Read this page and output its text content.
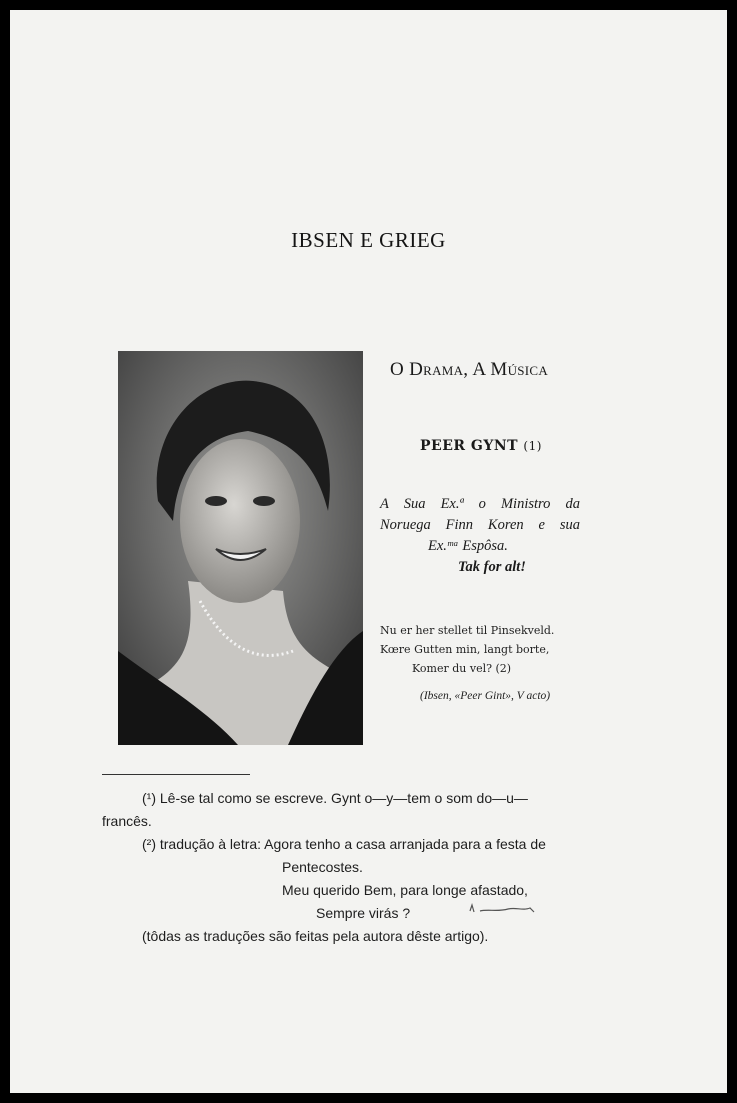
IBSEN E GRIEG
O Drama, A Música
PEER GYNT (1)
A Sua Ex.ª o Ministro da
Noruega Finn Koren e sua
Ex.ᵐᵃ Espôsa.
Tak for alt!
Nu er her stellet til Pinsekveld.
Kœre Gutten min, langt borte,
Komer du vel? (2)
(Ibsen, «Peer Gint», V acto)
(¹) Lê-se tal como se escreve. Gynt o—y—tem o som do—u—
francês.
(²) tradução à letra: Agora tenho a casa arranjada para a festa de
Pentecostes.
Meu querido Bem, para longe afastado,
Sempre virás ?
(tôdas as traduções são feitas pela autora dêste artigo).
